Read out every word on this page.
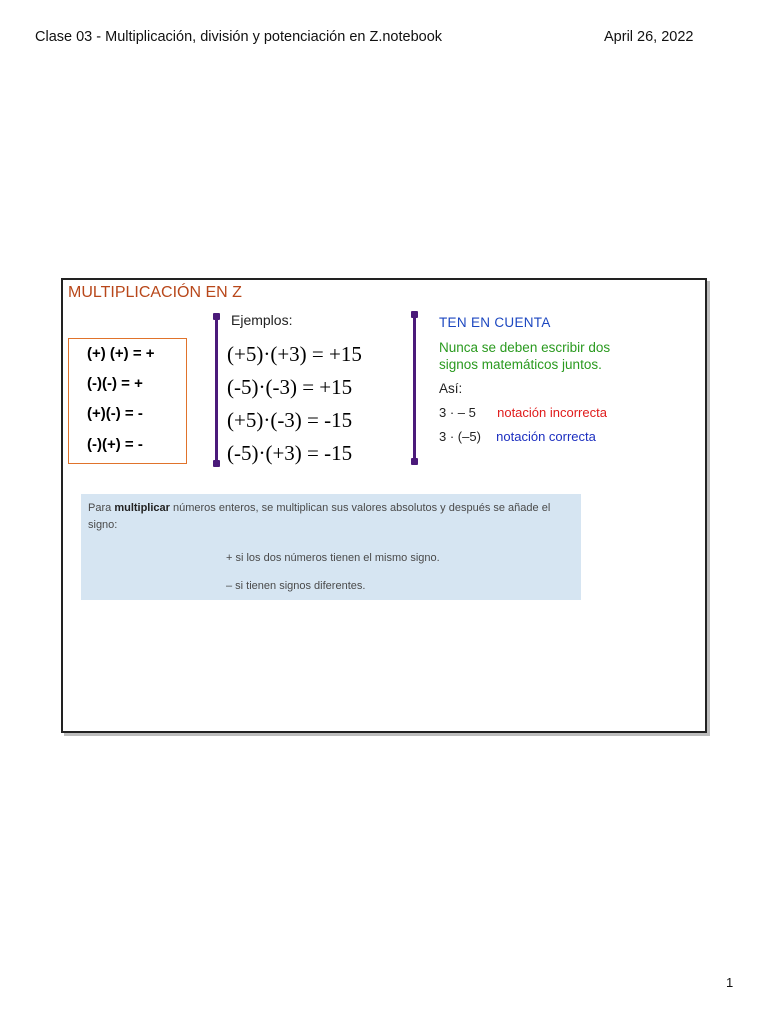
Clase 03 - Multiplicación, división y potenciación en Z.notebook	April 26, 2022
MULTIPLICACIÓN EN Z
(+) (+) = +
(-)(-) = +
(+)(-) = -
(-)(+) = -
Ejemplos:
(+5)·(+3) = +15
(-5)·(-3) = +15
(+5)·(-3) = -15
(-5)·(+3) = -15
TEN EN CUENTA
Nunca se deben escribir dos signos matemáticos juntos.
Así:
3 · – 5 notación incorrecta
3 · (–5) notación correcta
Para multiplicar números enteros, se multiplican sus valores absolutos y después se añade el signo:
+ si los dos números tienen el mismo signo.
– si tienen signos diferentes.
1
